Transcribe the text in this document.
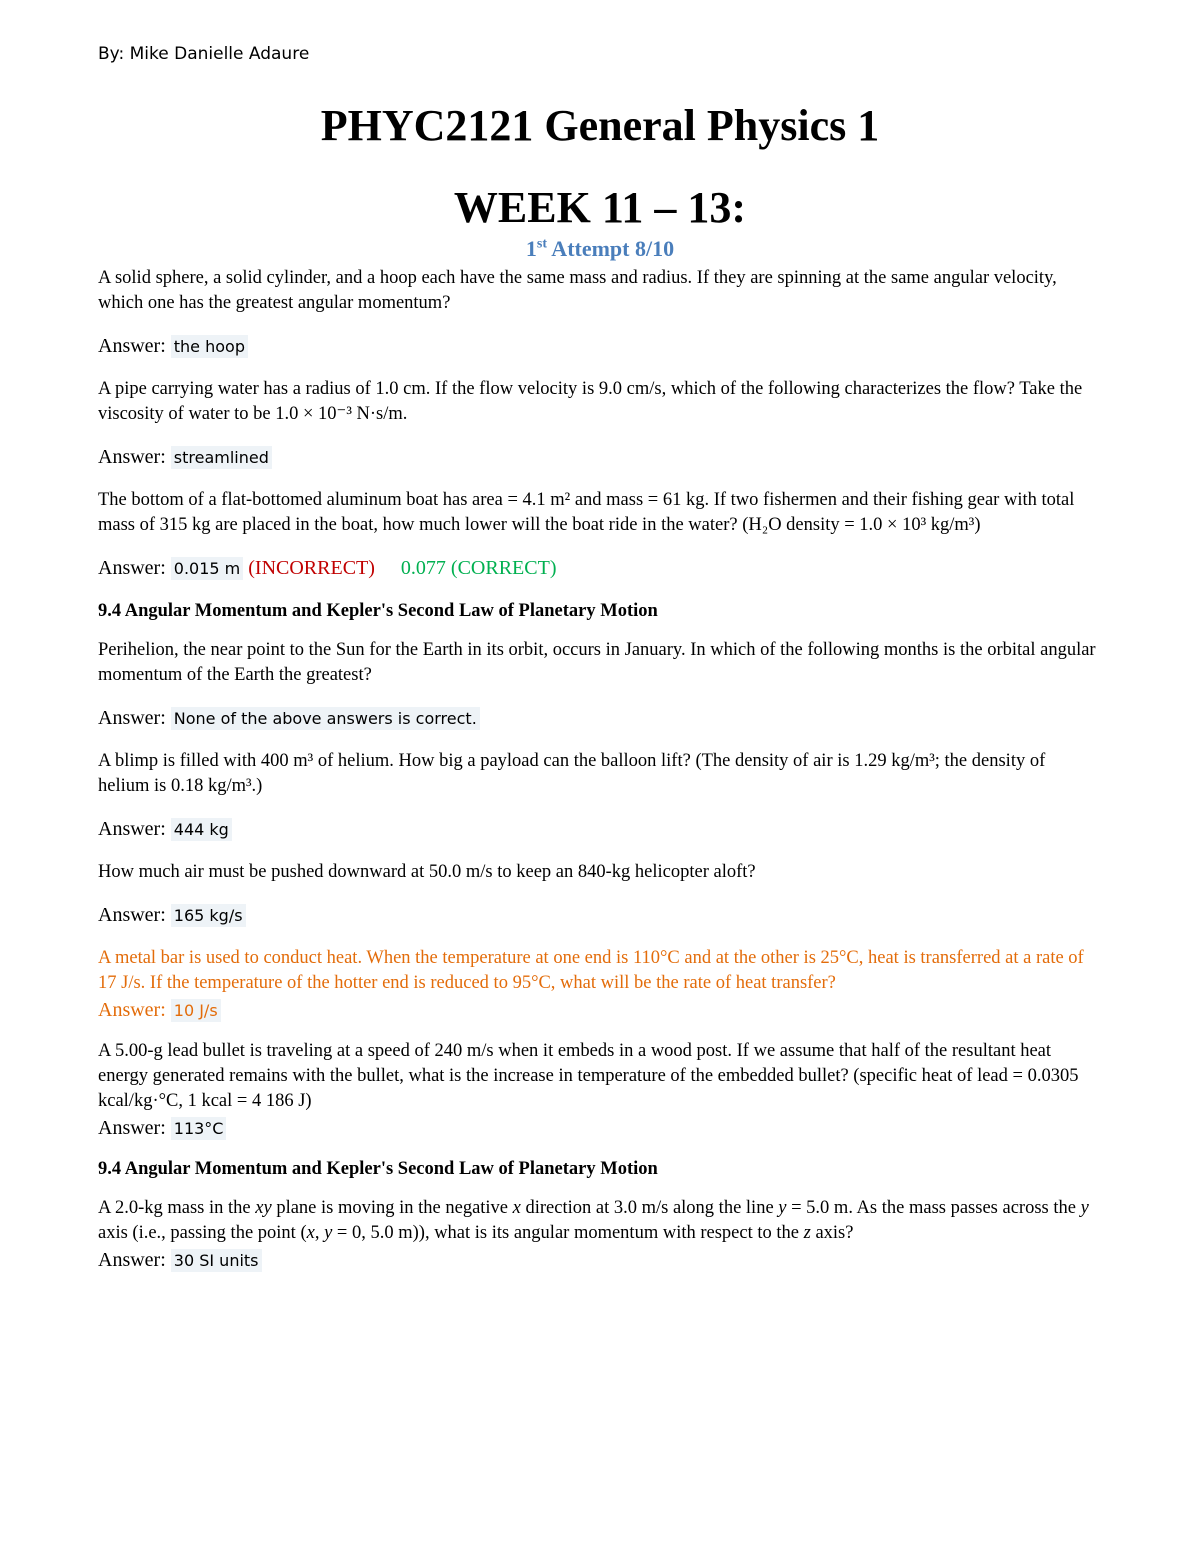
By: Mike Danielle Adaure
PHYC2121 General Physics 1
WEEK 11 – 13:
1st Attempt 8/10

A solid sphere, a solid cylinder, and a hoop each have the same mass and radius. If they are spinning at the same angular velocity, which one has the greatest angular momentum?

Answer: the hoop

A pipe carrying water has a radius of 1.0 cm. If the flow velocity is 9.0 cm/s, which of the following characterizes the flow? Take the viscosity of water to be 1.0 × 10⁻³ N·s/m.

Answer: streamlined

The bottom of a flat-bottomed aluminum boat has area = 4.1 m² and mass = 61 kg. If two fishermen and their fishing gear with total mass of 315 kg are placed in the boat, how much lower will the boat ride in the water? (H₂O density = 1.0 × 10³ kg/m³)

Answer: 0.015 m (INCORRECT) 0.077 (CORRECT)

9.4 Angular Momentum and Kepler's Second Law of Planetary Motion

Perihelion, the near point to the Sun for the Earth in its orbit, occurs in January. In which of the following months is the orbital angular momentum of the Earth the greatest?

Answer: None of the above answers is correct.

A blimp is filled with 400 m³ of helium. How big a payload can the balloon lift? (The density of air is 1.29 kg/m³; the density of helium is 0.18 kg/m³.)

Answer: 444 kg

How much air must be pushed downward at 50.0 m/s to keep an 840-kg helicopter aloft?

Answer: 165 kg/s

A metal bar is used to conduct heat. When the temperature at one end is 110°C and at the other is 25°C, heat is transferred at a rate of 17 J/s. If the temperature of the hotter end is reduced to 95°C, what will be the rate of heat transfer?

Answer: 10 J/s

A 5.00-g lead bullet is traveling at a speed of 240 m/s when it embeds in a wood post. If we assume that half of the resultant heat energy generated remains with the bullet, what is the increase in temperature of the embedded bullet? (specific heat of lead = 0.0305 kcal/kg·°C, 1 kcal = 4 186 J)

Answer: 113°C

9.4 Angular Momentum and Kepler's Second Law of Planetary Motion

A 2.0-kg mass in the xy plane is moving in the negative x direction at 3.0 m/s along the line y = 5.0 m. As the mass passes across the y axis (i.e., passing the point (x, y = 0, 5.0 m)), what is its angular momentum with respect to the z axis?

Answer: 30 SI units
